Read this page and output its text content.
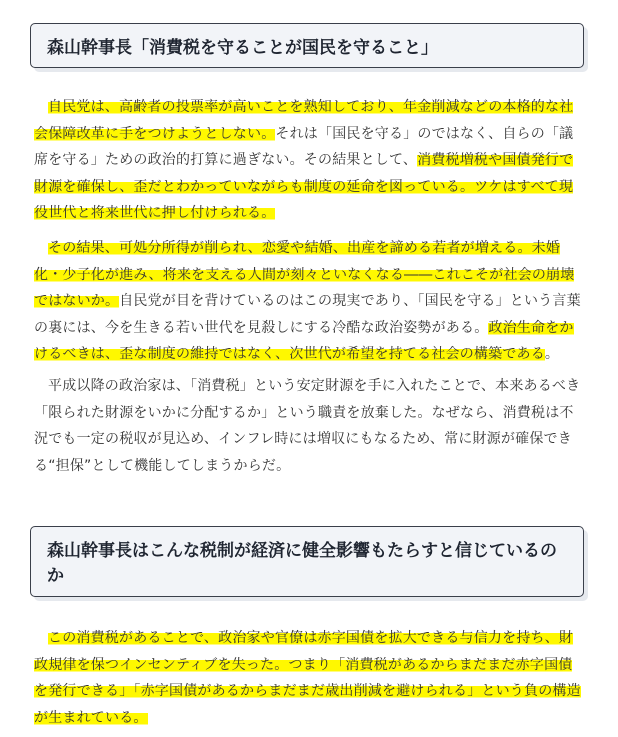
森山幹事長「消費税を守ることが国民を守ること」

自民党は、高齢者の投票率が高いことを熟知しており、年金削減などの本格的な社会保障改革に手をつけようとしない。それは「国民を守る」のではなく、自らの「議席を守る」ための政治的打算に過ぎない。その結果として、消費税増税や国債発行で財源を確保し、歪だとわかっていながらも制度の延命を図っている。ツケはすべて現役世代と将来世代に押し付けられる。

その結果、可処分所得が削られ、恋愛や結婚、出産を諦める若者が増える。未婚化・少子化が進み、将来を支える人間が刻々といなくなる――これこそが社会の崩壊ではないか。自民党が目を背けているのはこの現実であり、「国民を守る」という言葉の裏には、今を生きる若い世代を見殺しにする冷酷な政治姿勢がある。政治生命をかけるべきは、歪な制度の維持ではなく、次世代が希望を持てる社会の構築である。

平成以降の政治家は、「消費税」という安定財源を手に入れたことで、本来あるべき「限られた財源をいかに分配するか」という職責を放棄した。なぜなら、消費税は不況でも一定の税収が見込め、インフレ時には増収にもなるため、常に財源が確保できる“担保”として機能してしまうからだ。

森山幹事長はこんな税制が経済に健全影響もたらすと信じているのか

この消費税があることで、政治家や官僚は赤字国債を拡大できる与信力を持ち、財政規律を保つインセンティブを失った。つまり「消費税があるからまだまだ赤字国債を発行できる」「赤字国債があるからまだまだ歳出削減を避けられる」という負の構造が生まれている。
